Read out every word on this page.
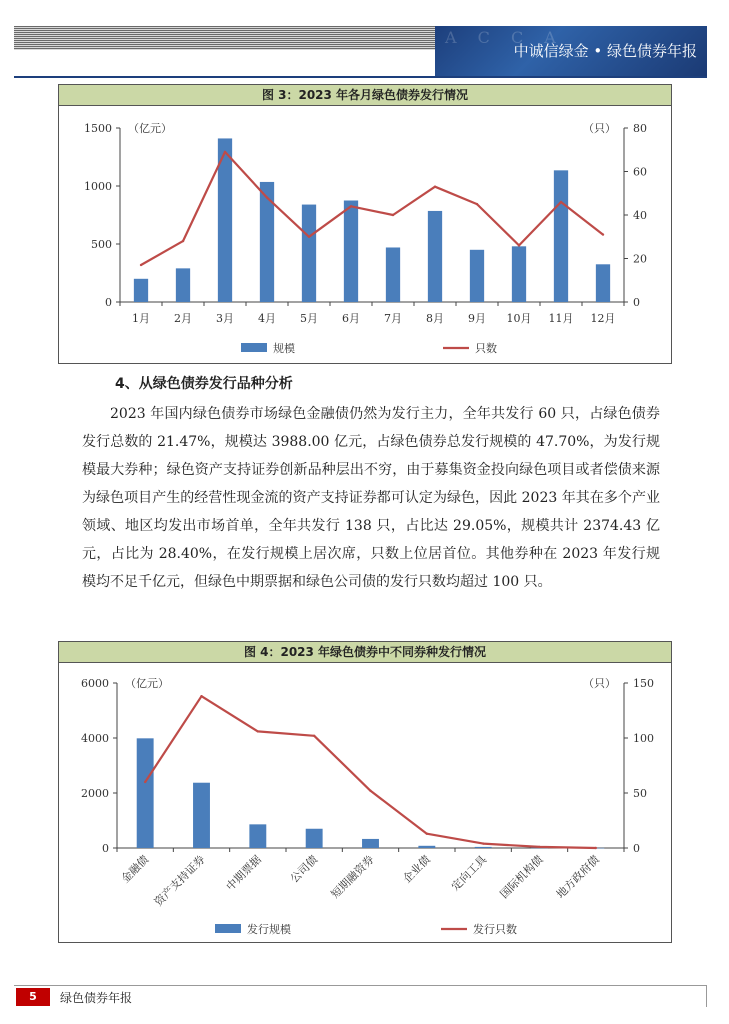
A C C A
中诚信绿金 • 绿色债券年报
图 3：2023 年各月绿色债券发行情况
0
500
1000
1500
0
20
40
60
80
（亿元）	（只）
1月 2月 3月 4月 5月 6月 7月 8月 9月 10月 11月 12月
规模	只数
4、从绿色债券发行品种分析

2023 年国内绿色债券市场绿色金融债仍然为发行主力，全年共发行 60 只，占绿色债券发行总数的 21.47%，规模达 3988.00 亿元，占绿色债券总发行规模的 47.70%，为发行规模最大券种；绿色资产支持证券创新品种层出不穷，由于募集资金投向绿色项目或者偿债来源为绿色项目产生的经营性现金流的资产支持证券都可认定为绿色，因此 2023 年其在多个产业领域、地区均发出市场首单，全年共发行 138 只，占比达 29.05%，规模共计 2374.43 亿元，占比为 28.40%，在发行规模上居次席，只数上位居首位。其他券种在 2023 年发行规模均不足千亿元，但绿色中期票据和绿色公司债的发行只数均超过 100 只。

图 4：2023 年绿色债券中不同券种发行情况
0
2000
4000
6000
0
50
100
150
（亿元）	（只）
金融债 资产支持证券 中期票据 公司债 短期融资券 企业债 定向工具 国际机构债 地方政府债
发行规模	发行只数
5	绿色债券年报
